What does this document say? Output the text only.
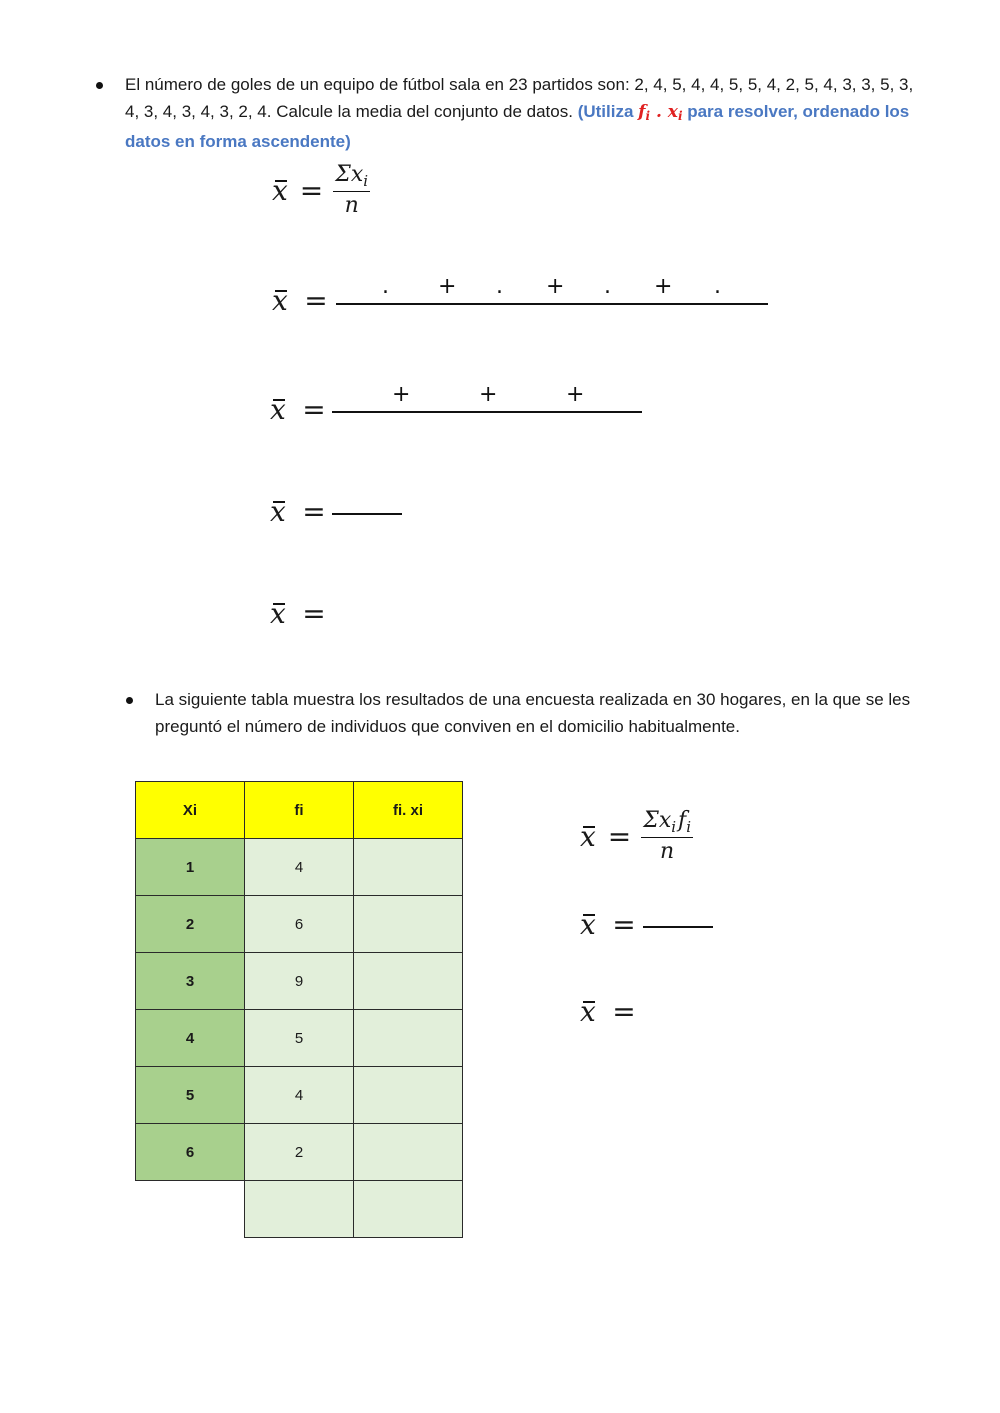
El número de goles de un equipo de fútbol sala en 23 partidos son: 2, 4, 5, 4, 4, 5, 5, 4, 2, 5, 4, 3, 3, 5, 3, 4, 3, 4, 3, 4, 3, 2, 4. Calcule la media del conjunto de datos. (Utiliza $f_i$ . $x_i$ para resolver, ordenado los datos en forma ascendente)
$x = \frac{\Sigma x_i}{n}$
x = . + . + . + .
x =	+	+	+
x =
x =
La siguiente tabla muestra los resultados de una encuesta realizada en 30 hogares, en la que se les preguntó el número de individuos que conviven en el domicilio habitualmente.
Xi	fi	fi. xi
1	4	
2	6	
3	9	
4	5	
5	4	
6	2	

$x = \frac{\Sigma x_if_i}{n}$
x =
x =
